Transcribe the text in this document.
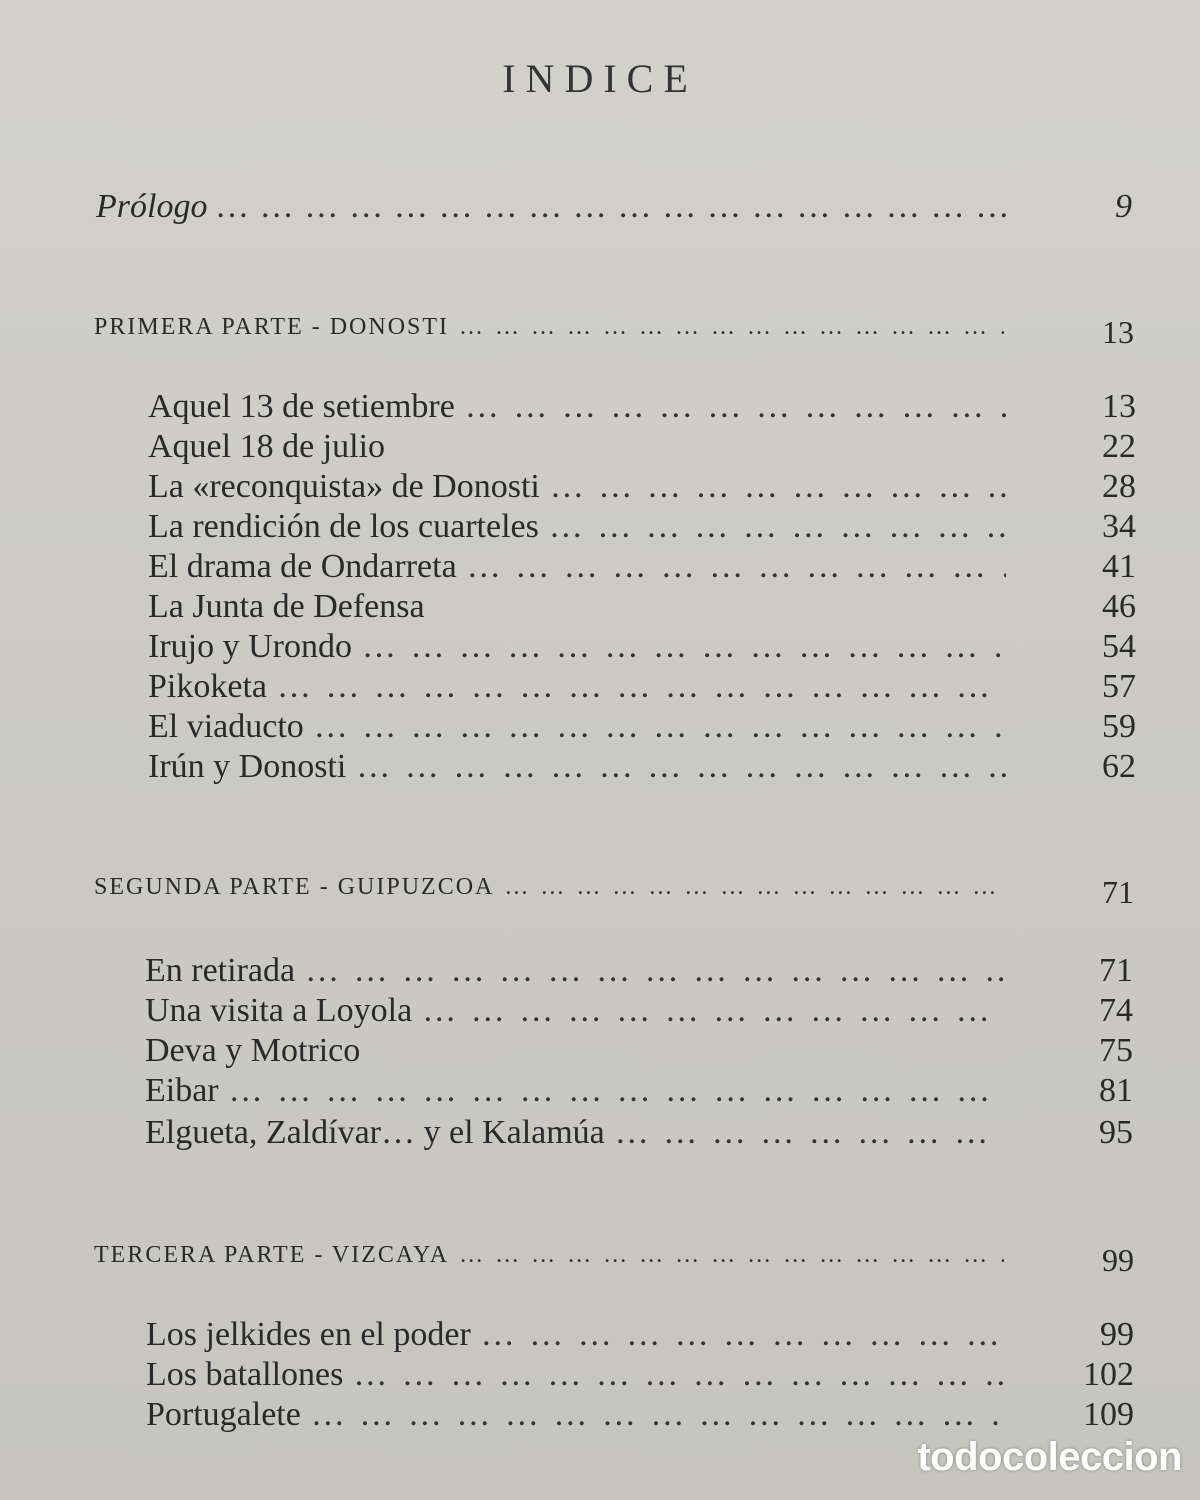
INDICE
Prólogo … … … … … … … … … … … … … … … … … … … … … … … … … … … … … … … … …	9
PRIMERA PARTE - DONOSTI … … … … … … … … … … … … … … … … … … … … … … … … … … … … … … … … …	13
Aquel 13 de setiembre … … … … … … … … … … … … … … … … … … … … … … … … … … … … … … … … …	13
Aquel 18 de julio	22
La «reconquista» de Donosti … … … … … … … … … … … … … … … … … … … … … … … … … … … … … … … … …	28
La rendición de los cuarteles … … … … … … … … … … … … … … … … … … … … … … … … … … … … … … … … …	34
El drama de Ondarreta … … … … … … … … … … … … … … … … … … … … … … … … … … … … … … … … …	41
La Junta de Defensa	46
Irujo y Urondo … … … … … … … … … … … … … … … … … … … … … … … … … … … … … … … … …	54
Pikoketa … … … … … … … … … … … … … … … … … … … … … … … … … … … … … … … … …	57
El viaducto … … … … … … … … … … … … … … … … … … … … … … … … … … … … … … … … …	59
Irún y Donosti … … … … … … … … … … … … … … … … … … … … … … … … … … … … … … … … …	62
SEGUNDA PARTE - GUIPUZCOA … … … … … … … … … … … … … … … … … … … … … … … … … … … … … … … … …	71
En retirada … … … … … … … … … … … … … … … … … … … … … … … … … … … … … … … … …	71
Una visita a Loyola … … … … … … … … … … … … … … … … … … … … … … … … … … … … … … … … …	74
Deva y Motrico	75
Eibar … … … … … … … … … … … … … … … … … … … … … … … … … … … … … … … … …	81
Elgueta, Zaldívar… y el Kalamúa … … … … … … … … … … … … … … … … … … … … … … … … … … … … … … … … …	95
TERCERA PARTE - VIZCAYA … … … … … … … … … … … … … … … … … … … … … … … … … … … … … … … … …	99
Los jelkides en el poder … … … … … … … … … … … … … … … … … … … … … … … … … … … … … … … … …	99
Los batallones … … … … … … … … … … … … … … … … … … … … … … … … … … … … … … … … …	102
Portugalete … … … … … … … … … … … … … … … … … … … … … … … … … … … … … … … … …	109
todocoleccion
